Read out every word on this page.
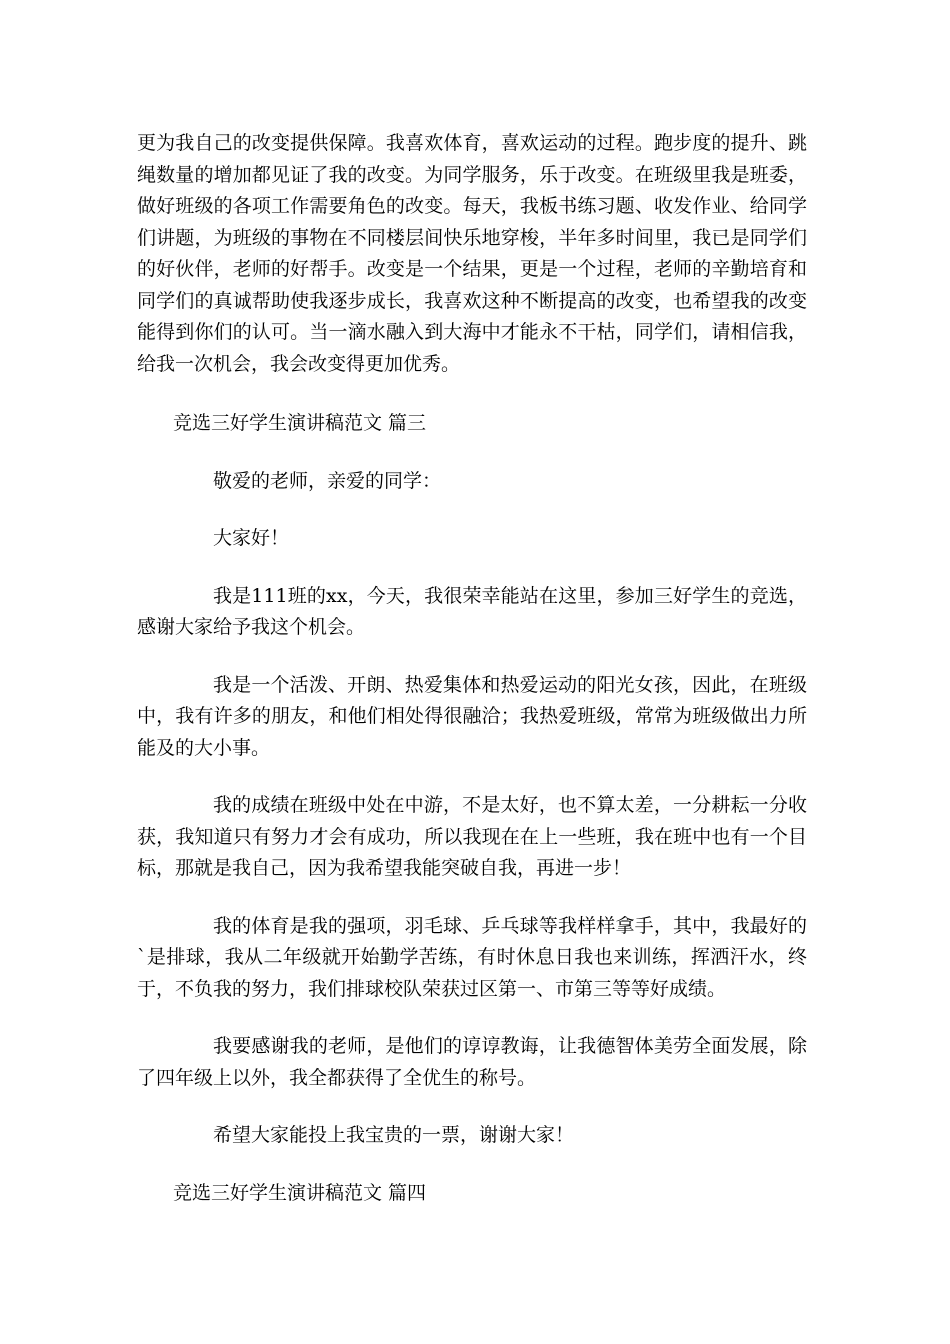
更为我自己的改变提供保障。我喜欢体育，喜欢运动的过程。跑步度的提升、跳绳数量的增加都见证了我的改变。为同学服务，乐于改变。在班级里我是班委，做好班级的各项工作需要角色的改变。每天，我板书练习题、收发作业、给同学们讲题，为班级的事物在不同楼层间快乐地穿梭，半年多时间里，我已是同学们的好伙伴，老师的好帮手。改变是一个结果，更是一个过程，老师的辛勤培育和同学们的真诚帮助使我逐步成长，我喜欢这种不断提高的改变，也希望我的改变能得到你们的认可。当一滴水融入到大海中才能永不干枯，同学们，请相信我，给我一次机会，我会改变得更加优秀。

竞选三好学生演讲稿范文 篇三

敬爱的老师，亲爱的同学：

大家好！

我是111班的xx，今天，我很荣幸能站在这里，参加三好学生的竞选，感谢大家给予我这个机会。

我是一个活泼、开朗、热爱集体和热爱运动的阳光女孩，因此，在班级中，我有许多的朋友，和他们相处得很融洽；我热爱班级，常常为班级做出力所能及的大小事。

我的成绩在班级中处在中游，不是太好，也不算太差，一分耕耘一分收获，我知道只有努力才会有成功，所以我现在在上一些班，我在班中也有一个目标，那就是我自己，因为我希望我能突破自我，再进一步！

我的体育是我的强项，羽毛球、乒乓球等我样样拿手，其中，我最好的`是排球，我从二年级就开始勤学苦练，有时休息日我也来训练，挥洒汗水，终于，不负我的努力，我们排球校队荣获过区第一、市第三等等好成绩。

我要感谢我的老师，是他们的谆谆教诲，让我德智体美劳全面发展，除了四年级上以外，我全都获得了全优生的称号。

希望大家能投上我宝贵的一票，谢谢大家！

竞选三好学生演讲稿范文 篇四
